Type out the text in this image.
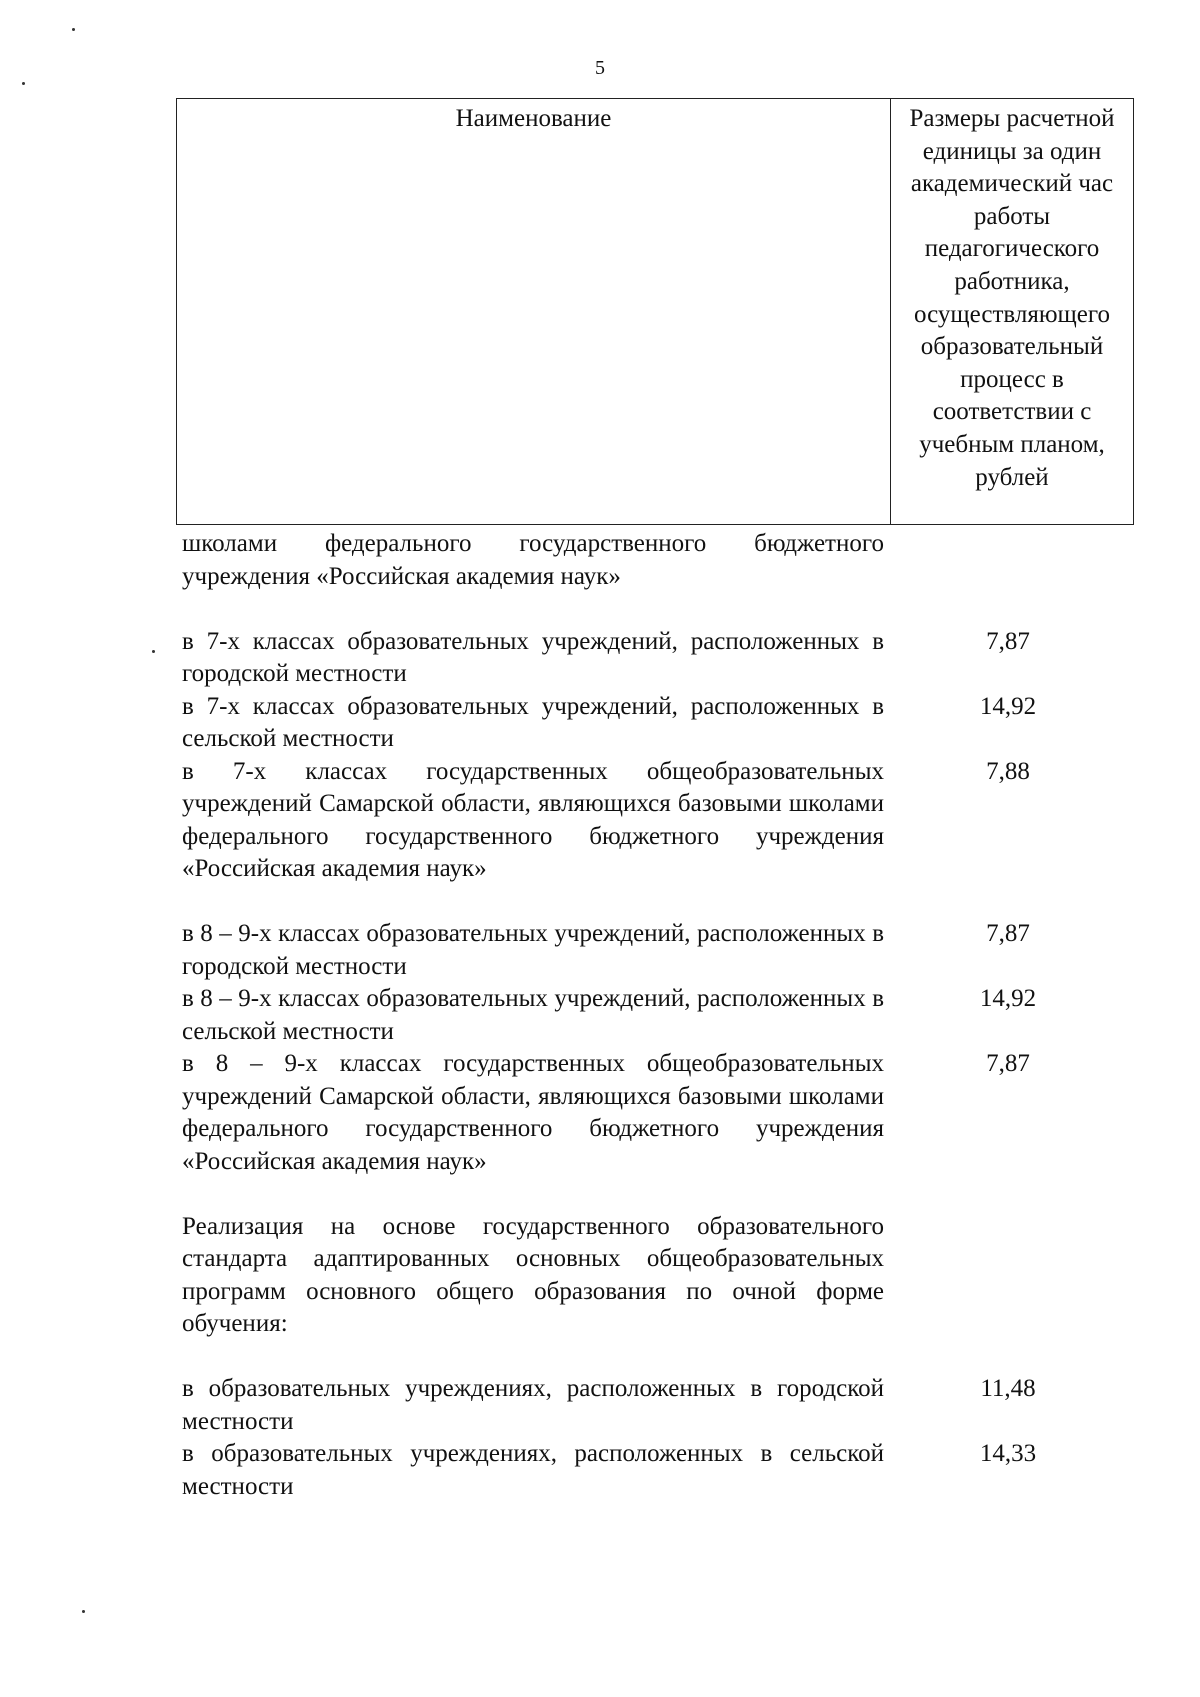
5
Наименование	Размеры расчетной единицы за один академический час работы педагогического работника, осуществляющего образовательный процесс в соответствии с учебным планом, рублей

школами федерального государственного бюджетного учреждения «Российская академия наук»

в 7-х классах образовательных учреждений, расположенных в городской местности

7,87

в 7-х классах образовательных учреждений, расположенных в сельской местности

14,92

в 7-х классах государственных общеобразовательных учреждений Самарской области, являющихся базовыми школами федерального государственного бюджетного учреждения «Российская академия наук»

7,88

в 8 – 9-х классах образовательных учреждений, расположенных в городской местности

7,87

в 8 – 9-х классах образовательных учреждений, расположенных в сельской местности

14,92

в 8 – 9-х классах государственных общеобразовательных учреждений Самарской области, являющихся базовыми школами федерального государственного бюджетного учреждения «Российская академия наук»

7,87

Реализация на основе государственного образовательного стандарта адаптированных основных общеобразовательных программ основного общего образования по очной форме обучения:

в образовательных учреждениях, расположенных в городской местности

11,48

в образовательных учреждениях, расположенных в сельской местности

14,33
